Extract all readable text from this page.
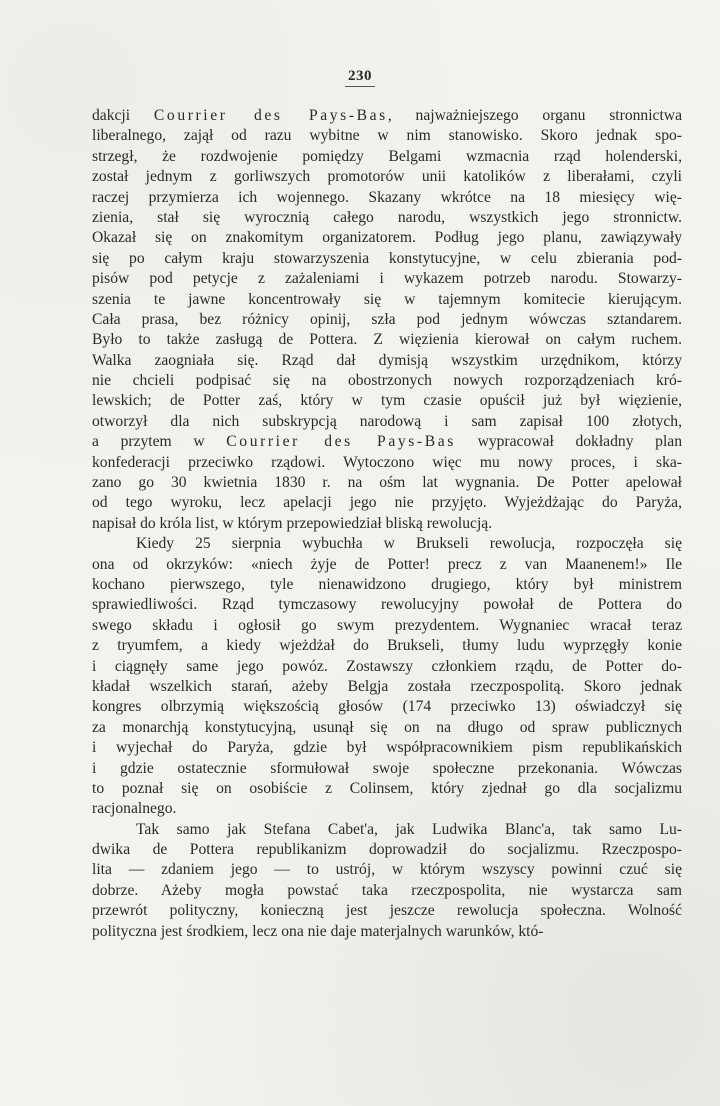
230
dakcji Courrier des Pays-Bas, najważniejszego organu stronnictwa
liberalnego, zajął od razu wybitne w nim stanowisko. Skoro jednak spo-
strzegł, że rozdwojenie pomiędzy Belgami wzmacnia rząd holenderski,
został jednym z gorliwszych promotorów unii katolików z liberałami, czyli
raczej przymierza ich wojennego. Skazany wkrótce na 18 miesięcy wię-
zienia, stał się wyrocznią całego narodu, wszystkich jego stronnictw.
Okazał się on znakomitym organizatorem. Podług jego planu, zawiązywały
się po całym kraju stowarzyszenia konstytucyjne, w celu zbierania pod-
pisów pod petycje z zażaleniami i wykazem potrzeb narodu. Stowarzy-
szenia te jawne koncentrowały się w tajemnym komitecie kierującym.
Cała prasa, bez różnicy opinij, szła pod jednym wówczas sztandarem.
Było to także zasługą de Pottera. Z więzienia kierował on całym ruchem.
Walka zaogniała się. Rząd dał dymisją wszystkim urzędnikom, którzy
nie chcieli podpisać się na obostrzonych nowych rozporządzeniach kró-
lewskich; de Potter zaś, który w tym czasie opuścił już był więzienie,
otworzył dla nich subskrypcją narodową i sam zapisał 100 złotych,
a przytem w Courrier des Pays-Bas wypracował dokładny plan
konfederacji przeciwko rządowi. Wytoczono więc mu nowy proces, i ska-
zano go 30 kwietnia 1830 r. na ośm lat wygnania. De Potter apelował
od tego wyroku, lecz apelacji jego nie przyjęto. Wyjeżdżając do Paryża,
napisał do króla list, w którym przepowiedział bliską rewolucją.
Kiedy 25 sierpnia wybuchła w Brukseli rewolucja, rozpoczęła się
ona od okrzyków: «niech żyje de Potter! precz z van Maanenem!» Ile
kochano pierwszego, tyle nienawidzono drugiego, który był ministrem
sprawiedliwości. Rząd tymczasowy rewolucyjny powołał de Pottera do
swego składu i ogłosił go swym prezydentem. Wygnaniec wracał teraz
z tryumfem, a kiedy wjeżdżał do Brukseli, tłumy ludu wyprzęgły konie
i ciągnęły same jego powóz. Zostawszy członkiem rządu, de Potter do-
kładał wszelkich starań, ażeby Belgja została rzeczpospolitą. Skoro jednak
kongres olbrzymią większością głosów (174 przeciwko 13) oświadczył się
za monarchją konstytucyjną, usunął się on na długo od spraw publicznych
i wyjechał do Paryża, gdzie był współpracownikiem pism republikańskich
i gdzie ostatecznie sformułował swoje społeczne przekonania. Wówczas
to poznał się on osobiście z Colinsem, który zjednał go dla socjalizmu
racjonalnego.
Tak samo jak Stefana Cabet'a, jak Ludwika Blanc'a, tak samo Lu-
dwika de Pottera republikanizm doprowadził do socjalizmu. Rzeczpospo-
lita — zdaniem jego — to ustrój, w którym wszyscy powinni czuć się
dobrze. Ażeby mogła powstać taka rzeczpospolita, nie wystarcza sam
przewrót polityczny, konieczną jest jeszcze rewolucja społeczna. Wolność
polityczna jest środkiem, lecz ona nie daje materjalnych warunków, któ-
